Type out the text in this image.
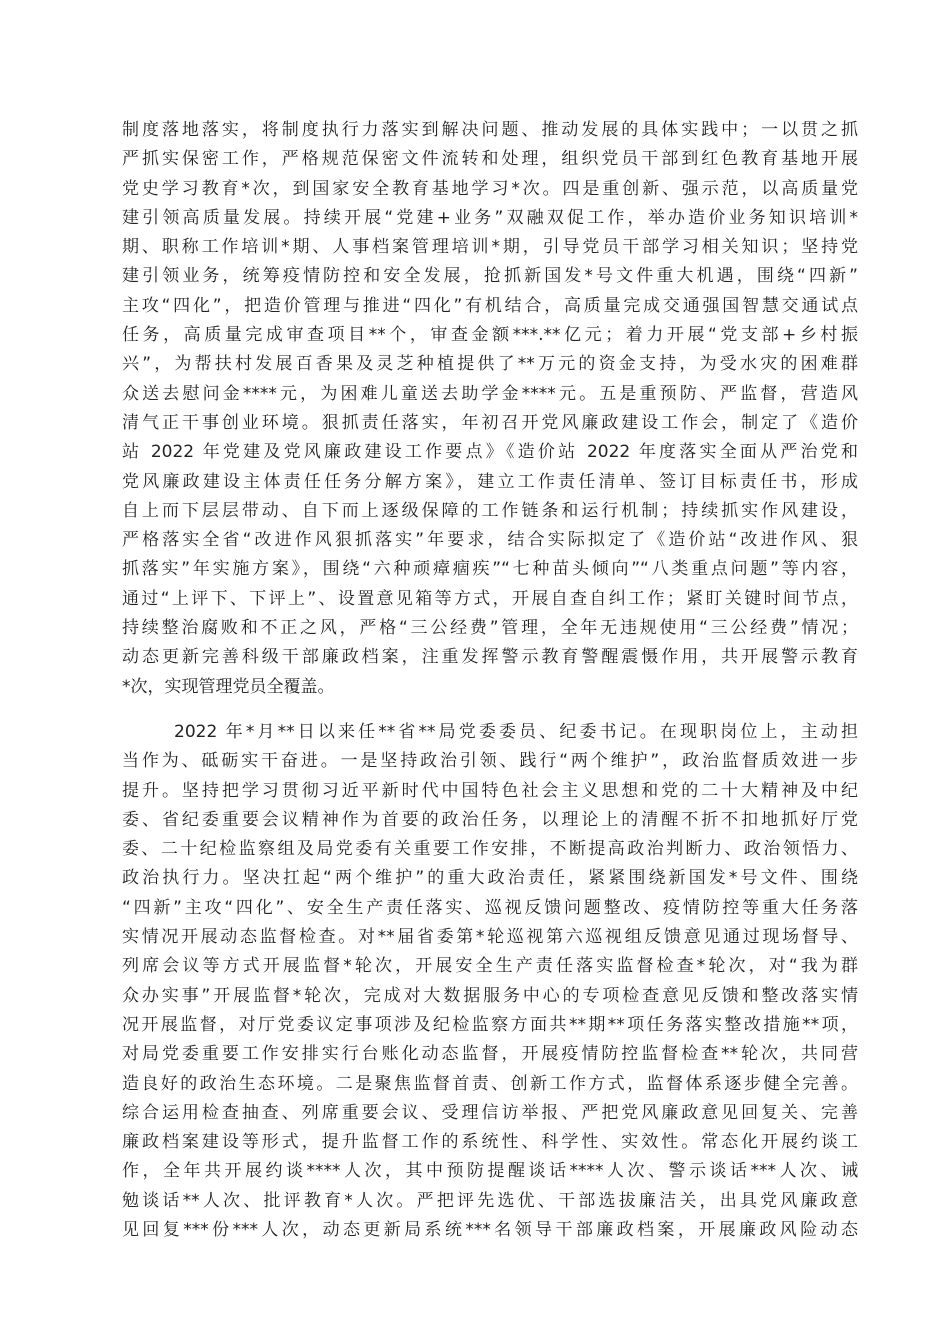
制度落地落实，将制度执行力落实到解决问题、推动发展的具体实践中；一以贯之抓
严抓实保密工作，严格规范保密文件流转和处理，组织党员干部到红色教育基地开展
党史学习教育*次，到国家安全教育基地学习*次。四是重创新、强示范，以高质量党
建引领高质量发展。持续开展“党建+业务”双融双促工作，举办造价业务知识培训*
期、职称工作培训*期、人事档案管理培训*期，引导党员干部学习相关知识；坚持党
建引领业务，统筹疫情防控和安全发展，抢抓新国发*号文件重大机遇，围绕“四新”
主攻“四化”，把造价管理与推进“四化”有机结合，高质量完成交通强国智慧交通试点
任务，高质量完成审查项目**个，审查金额***.**亿元；着力开展“党支部+乡村振
兴”，为帮扶村发展百香果及灵芝种植提供了**万元的资金支持，为受水灾的困难群
众送去慰问金****元，为困难儿童送去助学金****元。五是重预防、严监督，营造风
清气正干事创业环境。狠抓责任落实，年初召开党风廉政建设工作会，制定了《造价
站 2022 年党建及党风廉政建设工作要点》《造价站 2022 年度落实全面从严治党和
党风廉政建设主体责任任务分解方案》，建立工作责任清单、签订目标责任书，形成
自上而下层层带动、自下而上逐级保障的工作链条和运行机制；持续抓实作风建设，
严格落实全省“改进作风狠抓落实”年要求，结合实际拟定了《造价站“改进作风、狠
抓落实”年实施方案》，围绕“六种顽瘴痼疾”“七种苗头倾向”“八类重点问题”等内容，
通过“上评下、下评上”、设置意见箱等方式，开展自查自纠工作；紧盯关键时间节点，
持续整治腐败和不正之风，严格“三公经费”管理，全年无违规使用“三公经费”情况；
动态更新完善科级干部廉政档案，注重发挥警示教育警醒震慑作用，共开展警示教育
*次，实现管理党员全覆盖。
2022 年*月**日以来任**省**局党委委员、纪委书记。在现职岗位上，主动担
当作为、砥砺实干奋进。一是坚持政治引领、践行“两个维护”，政治监督质效进一步
提升。坚持把学习贯彻习近平新时代中国特色社会主义思想和党的二十大精神及中纪
委、省纪委重要会议精神作为首要的政治任务，以理论上的清醒不折不扣地抓好厅党
委、二十纪检监察组及局党委有关重要工作安排，不断提高政治判断力、政治领悟力、
政治执行力。坚决扛起“两个维护”的重大政治责任，紧紧围绕新国发*号文件、围绕
“四新”主攻“四化”、安全生产责任落实、巡视反馈问题整改、疫情防控等重大任务落
实情况开展动态监督检查。对**届省委第*轮巡视第六巡视组反馈意见通过现场督导、
列席会议等方式开展监督*轮次，开展安全生产责任落实监督检查*轮次，对“我为群
众办实事”开展监督*轮次，完成对大数据服务中心的专项检查意见反馈和整改落实情
况开展监督，对厅党委议定事项涉及纪检监察方面共**期**项任务落实整改措施**项，
对局党委重要工作安排实行台账化动态监督，开展疫情防控监督检查**轮次，共同营
造良好的政治生态环境。二是聚焦监督首责、创新工作方式，监督体系逐步健全完善。
综合运用检查抽查、列席重要会议、受理信访举报、严把党风廉政意见回复关、完善
廉政档案建设等形式，提升监督工作的系统性、科学性、实效性。常态化开展约谈工
作，全年共开展约谈****人次，其中预防提醒谈话****人次、警示谈话***人次、诫
勉谈话**人次、批评教育*人次。严把评先选优、干部选拔廉洁关，出具党风廉政意
见回复***份***人次，动态更新局系统***名领导干部廉政档案，开展廉政风险动态
